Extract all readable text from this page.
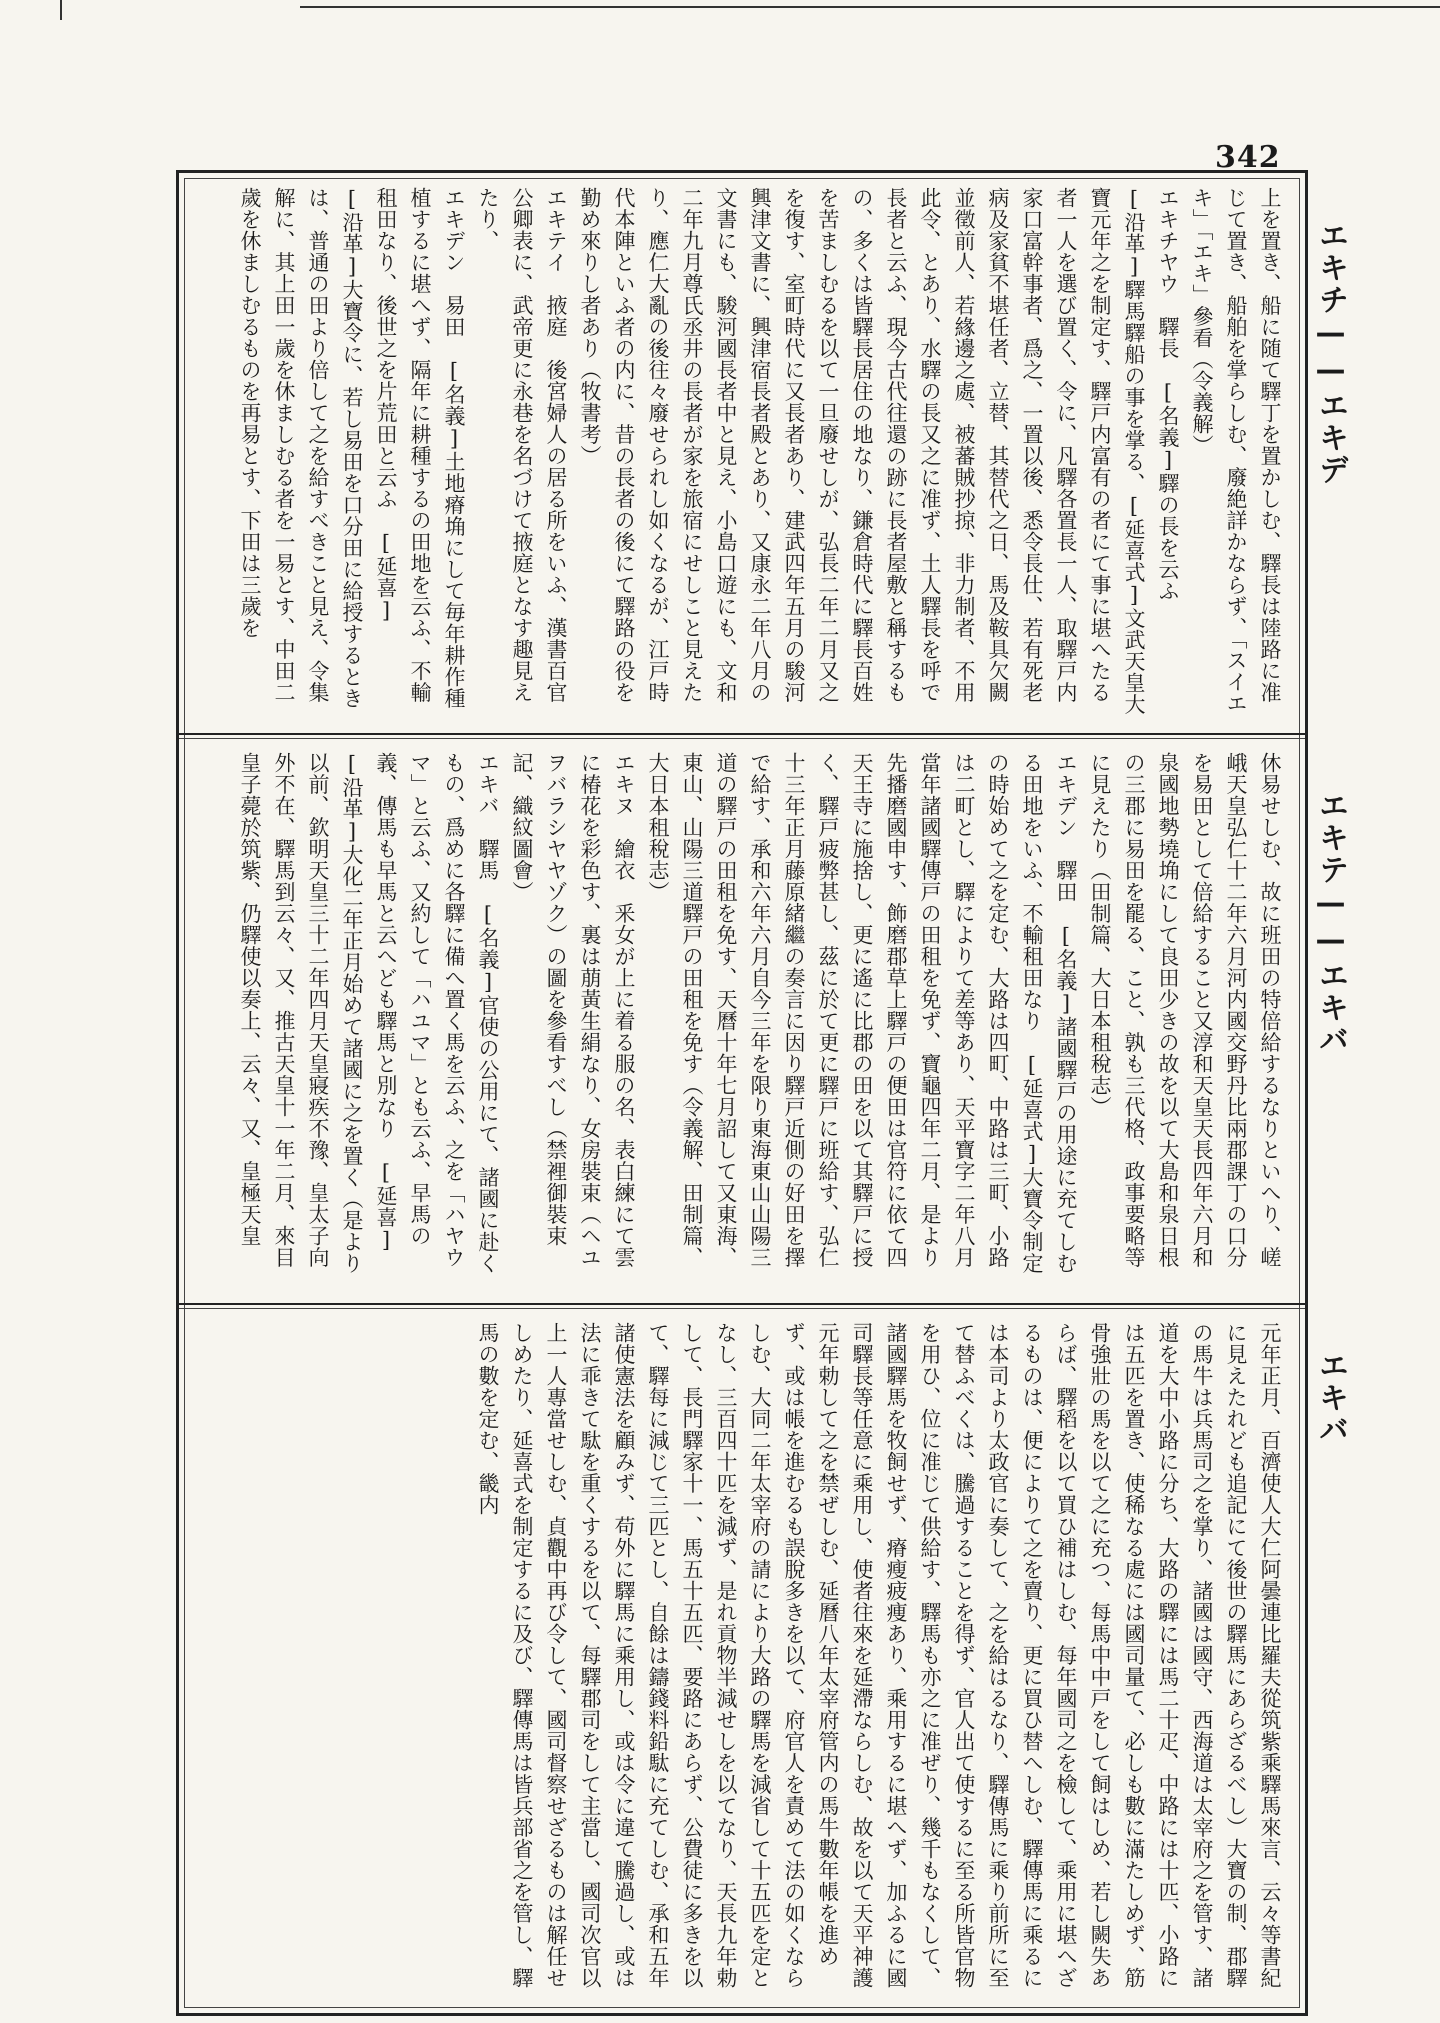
342
エキチ——エキデ
エキテ——エキバ
エキバ

上を置き、船に随て驛丁を置かしむ、驛長は陸路に准じて置き、船舶を掌らしむ、廢絶詳かならず、「スイエキ」「エキ」參看（令義解）

エキチヤウ　驛長　[名義]驛の長を云ふ

[沿革]驛馬驛船の事を掌る、[延喜式]文武天皇大寶元年之を制定す、驛戸内富有の者にて事に堪へたる者一人を選び置く、令に、凡驛各置長一人、取驛戸内家口富幹事者、爲之、一置以後、悉令長仕、若有死老病及家貧不堪任者、立替、其替代之日、馬及鞍具欠闕並徵前人、若緣邊之處、被蕃賊抄掠、非力制者、不用此令、とあり、水驛の長又之に准ず、土人驛長を呼で長者と云ふ、現今古代往還の跡に長者屋敷と稱するもの、多くは皆驛長居住の地なり、鎌倉時代に驛長百姓を苦ましむるを以て一旦廢せしが、弘長二年二月又之を復す、室町時代に又長者あり、建武四年五月の駿河興津文書に、興津宿長者殿とあり、又康永二年八月の文書にも、駿河國長者中と見え、小島口遊にも、文和二年九月尊氏丞井の長者が家を旅宿にせしこと見えたり、應仁大亂の後往々廢せられし如くなるが、江戸時代本陣といふ者の内に、昔の長者の後にて驛路の役を勤め來りし者あり（牧書考）

エキテイ　掖庭　後宮婦人の居る所をいふ、漢書百官公卿表に、武帝更に永巷を名づけて掖庭となす趣見えたり、

エキデン　易田　[名義]土地瘠埆にして毎年耕作種植するに堪へず、隔年に耕種するの田地を云ふ、不輸租田なり、後世之を片荒田と云ふ　[延喜]

[沿革]大寶令に、若し易田を口分田に給授するときは、普通の田より倍して之を給すべきこと見え、令集解に、其上田一歲を休ましむる者を一易とす、中田二歲を休ましむるものを再易とす、下田は三歲を

休易せしむ、故に班田の特倍給するなりといへり、嵯峨天皇弘仁十二年六月河内國交野丹比兩郡課丁の口分を易田として倍給すること又淳和天皇天長四年六月和泉國地勢墝埆にして良田少きの故を以て大島和泉日根の三郡に易田を罷る、こと、孰も三代格、政事要略等に見えたり（田制篇、大日本租稅志）

エキデン　驛田　[名義]諸國驛戸の用途に充てしむる田地をいふ、不輸租田なり　[延喜式]大寶令制定の時始めて之を定む、大路は四町、中路は三町、小路は二町とし、驛によりて差等あり、天平寶字二年八月當年諸國驛傳戸の田租を免ず、寶龜四年二月、是より先播磨國申す、飾磨郡草上驛戸の便田は官符に依て四天王寺に施捨し、更に遙に比郡の田を以て其驛戸に授く、驛戸疲弊甚し、茲に於て更に驛戸に班給す、弘仁十三年正月藤原緒繼の奏言に因り驛戸近側の好田を擇で給す、承和六年六月自今三年を限り東海東山山陽三道の驛戸の田租を免す、天曆十年七月詔して又東海、東山、山陽三道驛戸の田租を免す（令義解、田制篇、大日本租稅志）

エキヌ　繪衣　釆女が上に着る服の名、表白練にて雲に椿花を彩色す、裏は萠黃生絹なり、女房裝束（ヘユヲバラシヤヤゾク）の圖を參看すべし（禁裡御裝束記、織紋圖會）

エキバ　驛馬　[名義]官使の公用にて、諸國に赴くもの、爲めに各驛に備へ置く馬を云ふ、之を「ハヤウマ」と云ふ、又約して「ハユマ」とも云ふ、早馬の義、傳馬も早馬と云へども驛馬と別なり　[延喜]

[沿革]大化二年正月始めて諸國に之を置く（是より以前、欽明天皇三十二年四月天皇寢疾不豫、皇太子向外不在、驛馬到云々、又、推古天皇十一年二月、來目皇子薨於筑紫、仍驛使以奏上、云々、又、皇極天皇

元年正月、百濟使人大仁阿曇連比羅夫從筑紫乘驛馬來言、云々等書紀に見えたれども追記にて後世の驛馬にあらざるべし）大寶の制、郡驛の馬牛は兵馬司之を掌り、諸國は國守、西海道は太宰府之を管す、諸道を大中小路に分ち、大路の驛には馬二十疋、中路には十匹、小路には五匹を置き、使稀なる處には國司量て、必しも數に滿たしめず、筋骨強壯の馬を以て之に充つ、每馬中中戸をして飼はしめ、若し闕失あらば、驛稻を以て買ひ補はしむ、每年國司之を檢して、乘用に堪へざるものは、便によりて之を賣り、更に買ひ替へしむ、驛傳馬に乘るには本司より太政官に奏して、之を給はるなり、驛傳馬に乘り前所に至て替ふべくは、騰過することを得ず、官人出て使するに至る所皆官物を用ひ、位に准じて供給す、驛馬も亦之に准ぜり、幾千もなくして、諸國驛馬を牧飼せず、瘠瘦疲痩あり、乘用するに堪へず、加ふるに國司驛長等任意に乘用し、使者往來を延滯ならしむ、故を以て天平神護元年勅して之を禁ぜしむ、延曆八年太宰府管内の馬牛數年帳を進めず、或は帳を進むるも誤脫多きを以て、府官人を責めて法の如くならしむ、大同二年太宰府の請により大路の驛馬を減省して十五匹を定となし、三百四十匹を減ず、是れ貢物半減せしを以てなり、天長九年勅して、長門驛家十一、馬五十五匹、要路にあらず、公費徒に多きを以て、驛每に減じて三匹とし、自餘は鑄錢料鉛駄に充てしむ、承和五年諸使憲法を顧みず、苟外に驛馬に乘用し、或は令に違て騰過し、或は法に乖きて駄を重くするを以て、每驛郡司をして主當し、國司次官以上一人專當せしむ、貞觀中再び令して、國司督察せざるものは解任せしめたり、延喜式を制定するに及び、驛傳馬は皆兵部省之を管し、驛馬の數を定む、畿内
